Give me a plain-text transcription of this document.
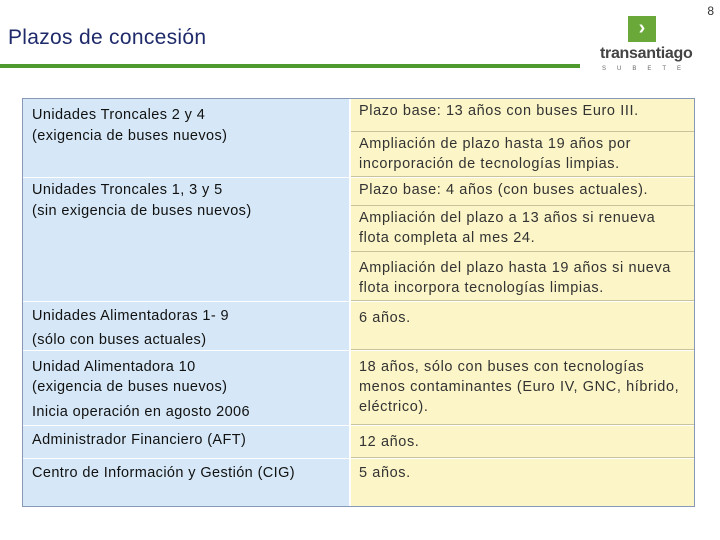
8
Plazos de concesión	›
transantiago
SUBETE
Unidades Troncales 2 y 4
(exigencia de buses nuevos)
Unidades Troncales 1, 3 y 5
(sin exigencia de buses nuevos)
Unidades Alimentadoras 1- 9
(sólo con buses actuales)
Unidad Alimentadora 10
(exigencia de buses nuevos)
Inicia operación en agosto 2006
Administrador Financiero (AFT)
Centro de Información y Gestión (CIG)
Plazo base: 13 años con buses Euro III.
Ampliación de plazo hasta 19 años por incorporación de tecnologías limpias.
Plazo base: 4 años (con buses actuales).
Ampliación del plazo a 13 años si renueva flota completa al mes 24.
Ampliación del plazo hasta 19 años si nueva flota incorpora tecnologías limpias.
6 años.
18 años, sólo con buses con tecnologías menos contaminantes (Euro IV, GNC, híbrido, eléctrico).
12 años.
5 años.
